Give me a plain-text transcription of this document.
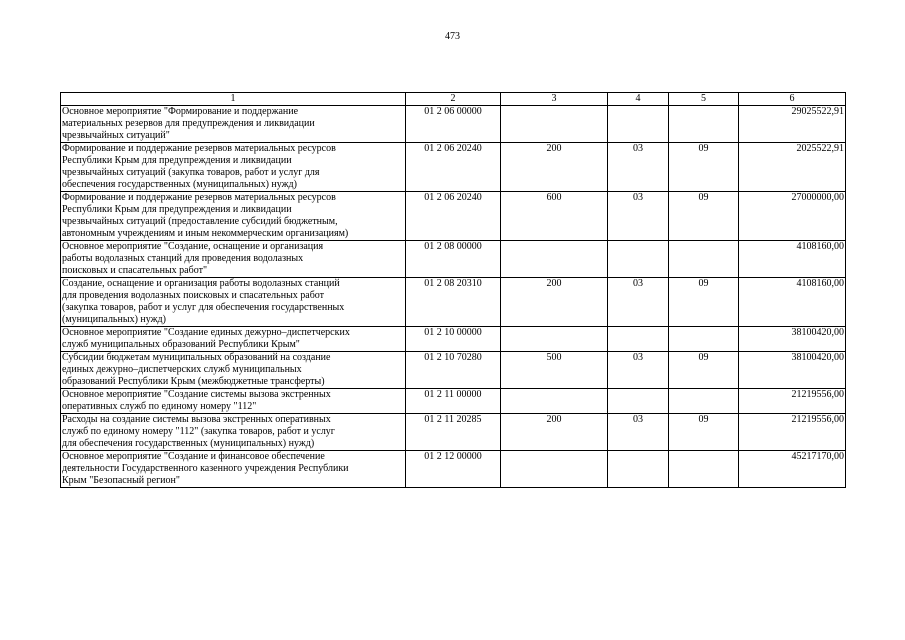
473
1	2	3	4	5	6

Основное мероприятие "Формирование и поддержание
материальных резервов для предупреждения и ликвидации
чрезвычайных ситуаций"	01 2 06 00000				29025522,91

Формирование и поддержание резервов материальных ресурсов
Республики Крым для предупреждения и ликвидации
чрезвычайных ситуаций (закупка товаров, работ и услуг для
обеспечения государственных (муниципальных) нужд)	01 2 06 20240	200	03	09	2025522,91

Формирование и поддержание резервов материальных ресурсов
Республики Крым для предупреждения и ликвидации
чрезвычайных ситуаций (предоставление субсидий бюджетным,
автономным учреждениям и иным некоммерческим организациям)	01 2 06 20240	600	03	09	27000000,00

Основное мероприятие "Создание, оснащение и организация
работы водолазных станций для проведения водолазных
поисковых и спасательных работ"	01 2 08 00000				4108160,00

Создание, оснащение и организация работы водолазных станций
для проведения водолазных поисковых и спасательных работ
(закупка товаров, работ и услуг для обеспечения государственных
(муниципальных) нужд)	01 2 08 20310	200	03	09	4108160,00

Основное мероприятие "Создание единых дежурно–диспетчерских
служб муниципальных образований Республики Крым"	01 2 10 00000				38100420,00

Субсидии бюджетам муниципальных образований на создание
единых дежурно–диспетчерских служб муниципальных
образований Республики Крым (межбюджетные трансферты)	01 2 10 70280	500	03	09	38100420,00

Основное мероприятие "Создание системы вызова экстренных
оперативных служб по единому номеру "112"	01 2 11 00000				21219556,00

Расходы на создание системы вызова экстренных оперативных
служб по единому номеру "112" (закупка товаров, работ и услуг
для обеспечения государственных (муниципальных) нужд)	01 2 11 20285	200	03	09	21219556,00

Основное мероприятие "Создание и финансовое обеспечение
деятельности Государственного казенного учреждения Республики
Крым "Безопасный регион"	01 2 12 00000				45217170,00
